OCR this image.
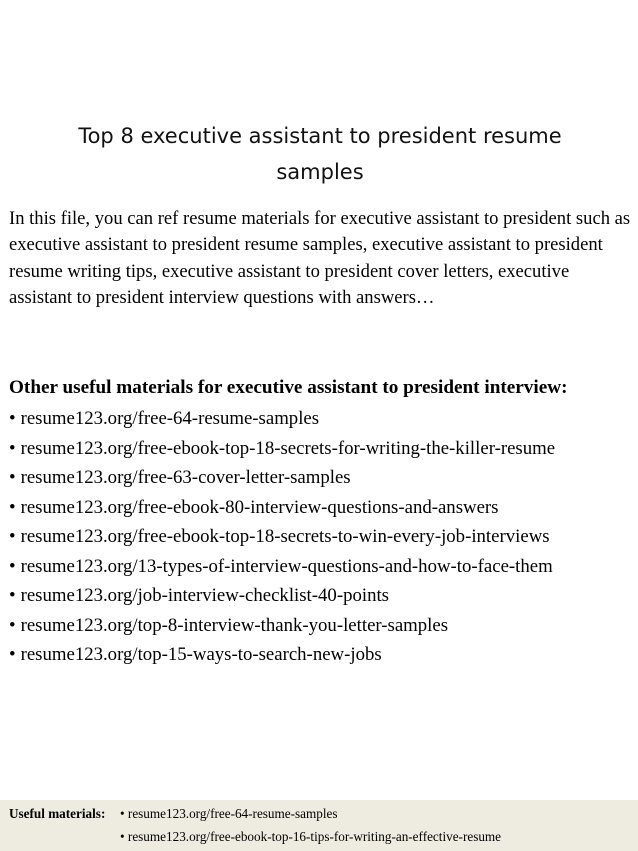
Top 8 executive assistant to president resume
samples
In this file, you can ref resume materials for executive assistant to president such as executive assistant to president resume samples, executive assistant to president resume writing tips, executive assistant to president cover letters, executive assistant to president interview questions with answers…
Other useful materials for executive assistant to president interview:
• resume123.org/free-64-resume-samples
• resume123.org/free-ebook-top-18-secrets-for-writing-the-killer-resume
• resume123.org/free-63-cover-letter-samples
• resume123.org/free-ebook-80-interview-questions-and-answers
• resume123.org/free-ebook-top-18-secrets-to-win-every-job-interviews
• resume123.org/13-types-of-interview-questions-and-how-to-face-them
• resume123.org/job-interview-checklist-40-points
• resume123.org/top-8-interview-thank-you-letter-samples
• resume123.org/top-15-ways-to-search-new-jobs
Useful materials: • resume123.org/free-64-resume-samples
• resume123.org/free-ebook-top-16-tips-for-writing-an-effective-resume
